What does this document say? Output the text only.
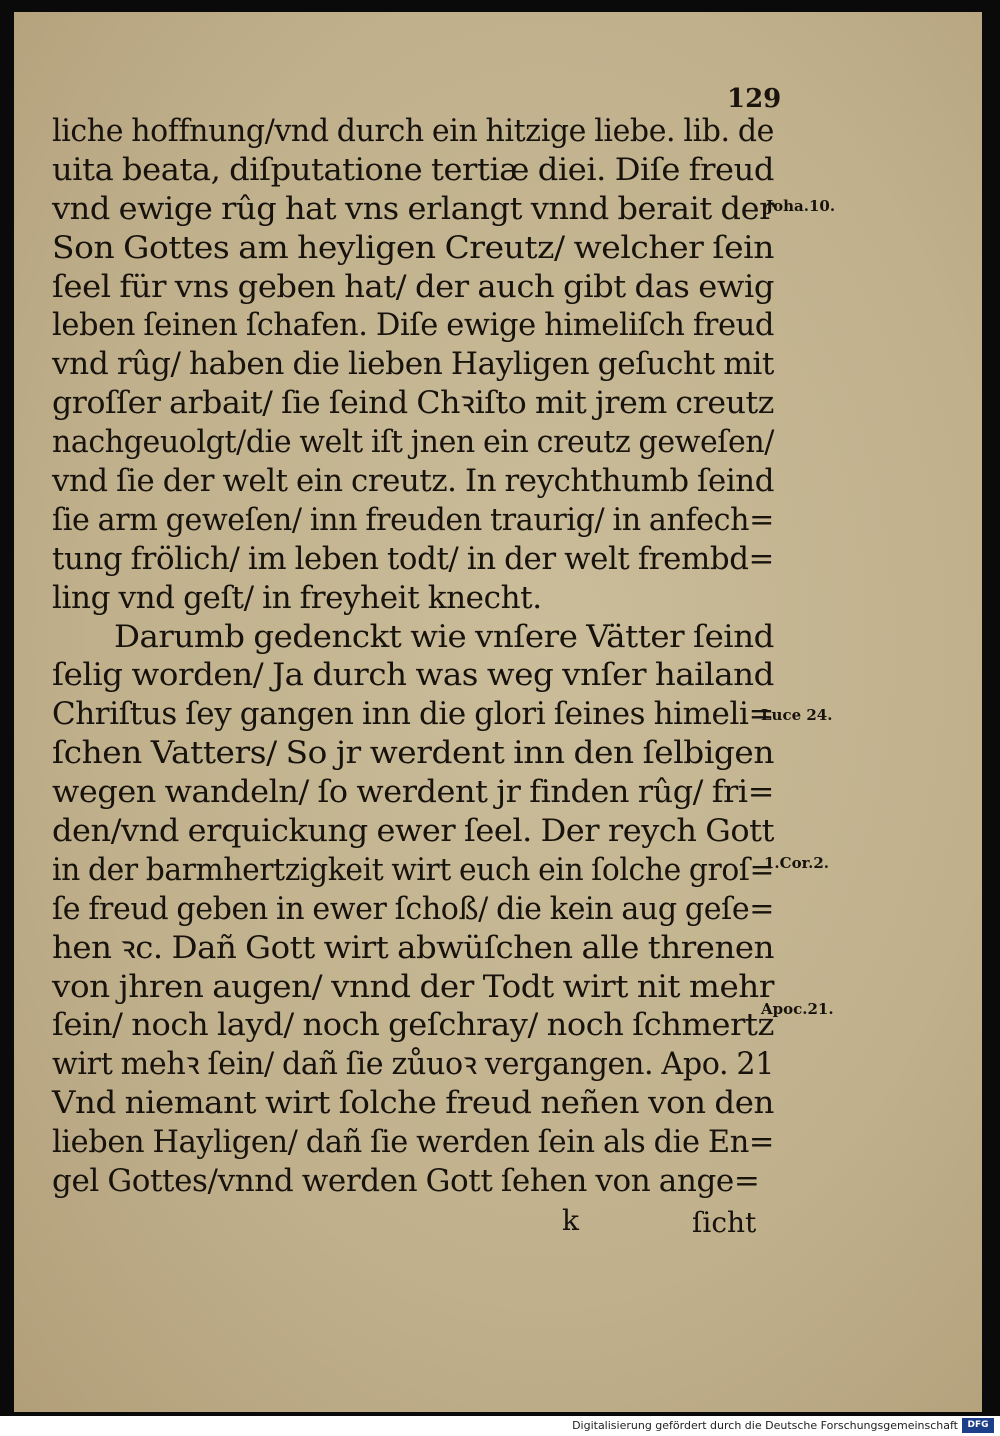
129
liche hoffnung/vnd durch ein hitzige liebe. lib. de
uita beata, diſputatione tertiæ diei. Diſe freud
vnd ewige rûg hat vns erlangt vnnd berait der
Son Gottes am heyligen Creutz/ welcher ſein
ſeel für vns geben hat/ der auch gibt das ewig
leben ſeinen ſchafen. Diſe ewige himeliſch freud
vnd rûg/ haben die lieben Hayligen geſucht mit
groſſer arbait/ ſie ſeind Chꝛiſto mit jrem creutz
nachgeuolgt/die welt iſt jnen ein creutz geweſen/
vnd ſie der welt ein creutz. In reychthumb ſeind
ſie arm geweſen/ inn freuden traurig/ in anfech=
tung frölich/ im leben todt/ in der welt frembd=
ling vnd geſt/ in freyheit knecht.
Darumb gedenckt wie vnſere Vätter ſeind
ſelig worden/ Ja durch was weg vnſer hailand
Chriſtus ſey gangen inn die glori ſeines himeli=
ſchen Vatters/ So jr werdent inn den ſelbigen
wegen wandeln/ ſo werdent jr finden rûg/ fri=
den/vnd erquickung ewer ſeel. Der reych Gott
in der barmhertzigkeit wirt euch ein ſolche groſ=
ſe freud geben in ewer ſchoß/ die kein aug geſe=
hen ꝛc. Dañ Gott wirt abwüſchen alle threnen
von jhren augen/ vnnd der Todt wirt nit mehr
ſein/ noch layd/ noch geſchray/ noch ſchmertz
wirt mehꝛ ſein/ dañ ſie zůuoꝛ vergangen. Apo. 21
Vnd niemant wirt ſolche freud neñen von den
lieben Hayligen/ dañ ſie werden ſein als die En=
gel Gottes/vnnd werden Gott ſehen von ange=
Joha.10.
Luce 24.
1.Cor.2.
Apoc.21.
k	ſicht
Digitalisierung gefördert durch die Deutsche Forschungsgemeinschaft	DFG
